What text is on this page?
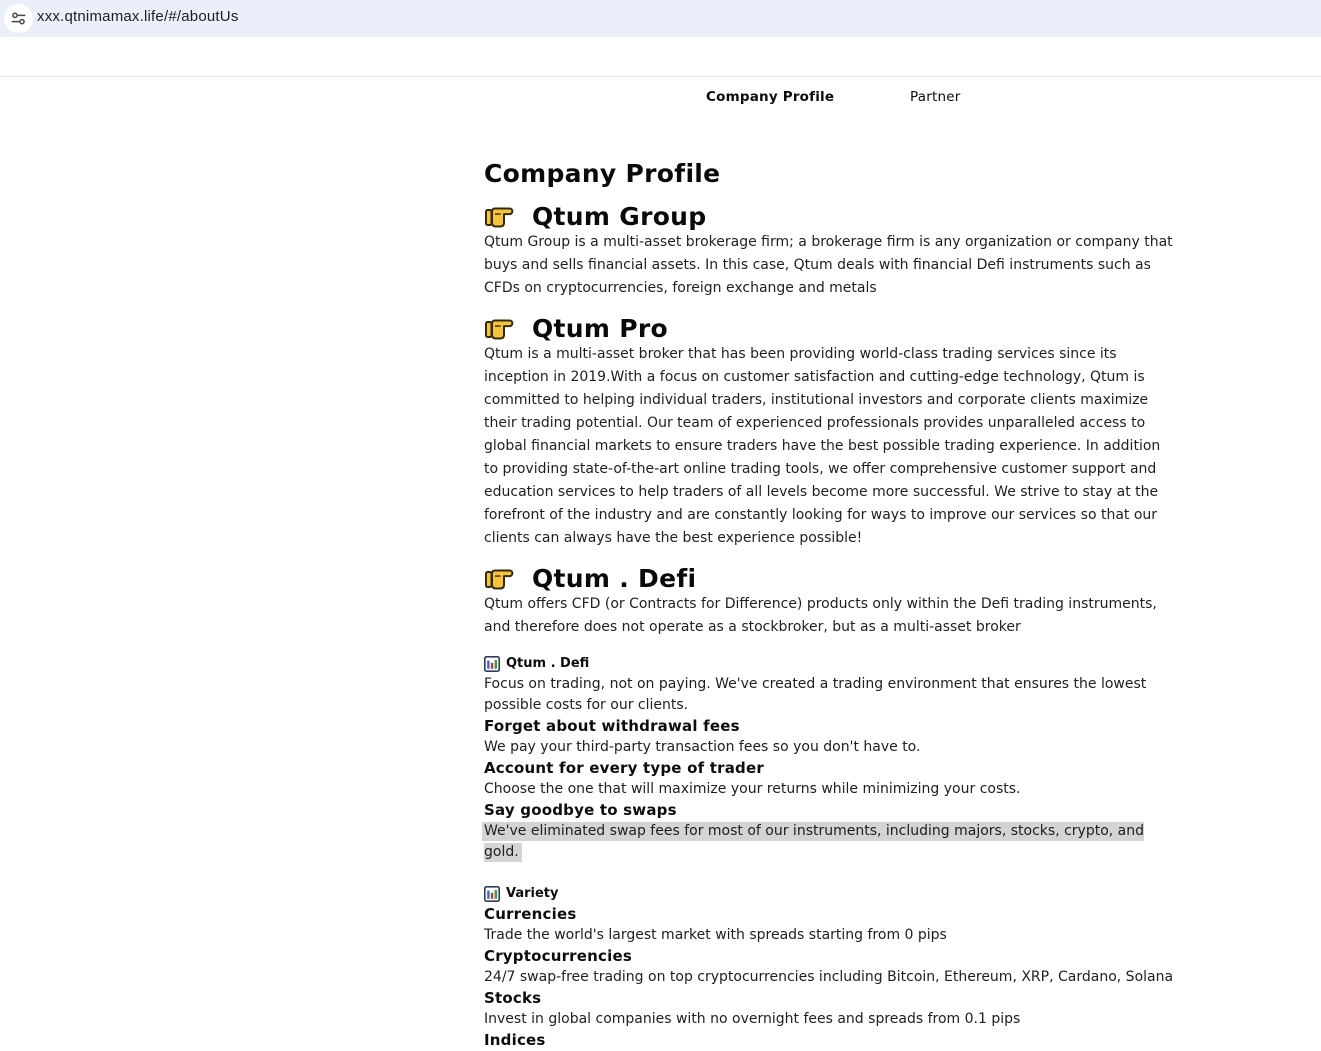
xxx.qtnimamax.life/#/aboutUs
Company Profile	Partner
Company Profile
Qtum Group

Qtum Group is a multi-asset brokerage firm; a brokerage firm is any organization or company that buys and sells financial assets. In this case, Qtum deals with financial Defi instruments such as CFDs on cryptocurrencies, foreign exchange and metals

Qtum Pro

Qtum is a multi-asset broker that has been providing world-class trading services since its inception in 2019.With a focus on customer satisfaction and cutting-edge technology, Qtum is committed to helping individual traders, institutional investors and corporate clients maximize their trading potential. Our team of experienced professionals provides unparalleled access to global financial markets to ensure traders have the best possible trading experience. In addition to providing state-of-the-art online trading tools, we offer comprehensive customer support and education services to help traders of all levels become more successful. We strive to stay at the forefront of the industry and are constantly looking for ways to improve our services so that our clients can always have the best experience possible!

Qtum . Defi

Qtum offers CFD (or Contracts for Difference) products only within the Defi trading instruments, and therefore does not operate as a stockbroker, but as a multi-asset broker

Qtum . Defi

Focus on trading, not on paying. We've created a trading environment that ensures the lowest possible costs for our clients.

Forget about withdrawal fees

We pay your third-party transaction fees so you don't have to.

Account for every type of trader

Choose the one that will maximize your returns while minimizing your costs.

Say goodbye to swaps

We've eliminated swap fees for most of our instruments, including majors, stocks, crypto, and gold.

Variety

Currencies

Trade the world's largest market with spreads starting from 0 pips

Cryptocurrencies

24/7 swap-free trading on top cryptocurrencies including Bitcoin, Ethereum, XRP, Cardano, Solana

Stocks

Invest in global companies with no overnight fees and spreads from 0.1 pips

Indices
